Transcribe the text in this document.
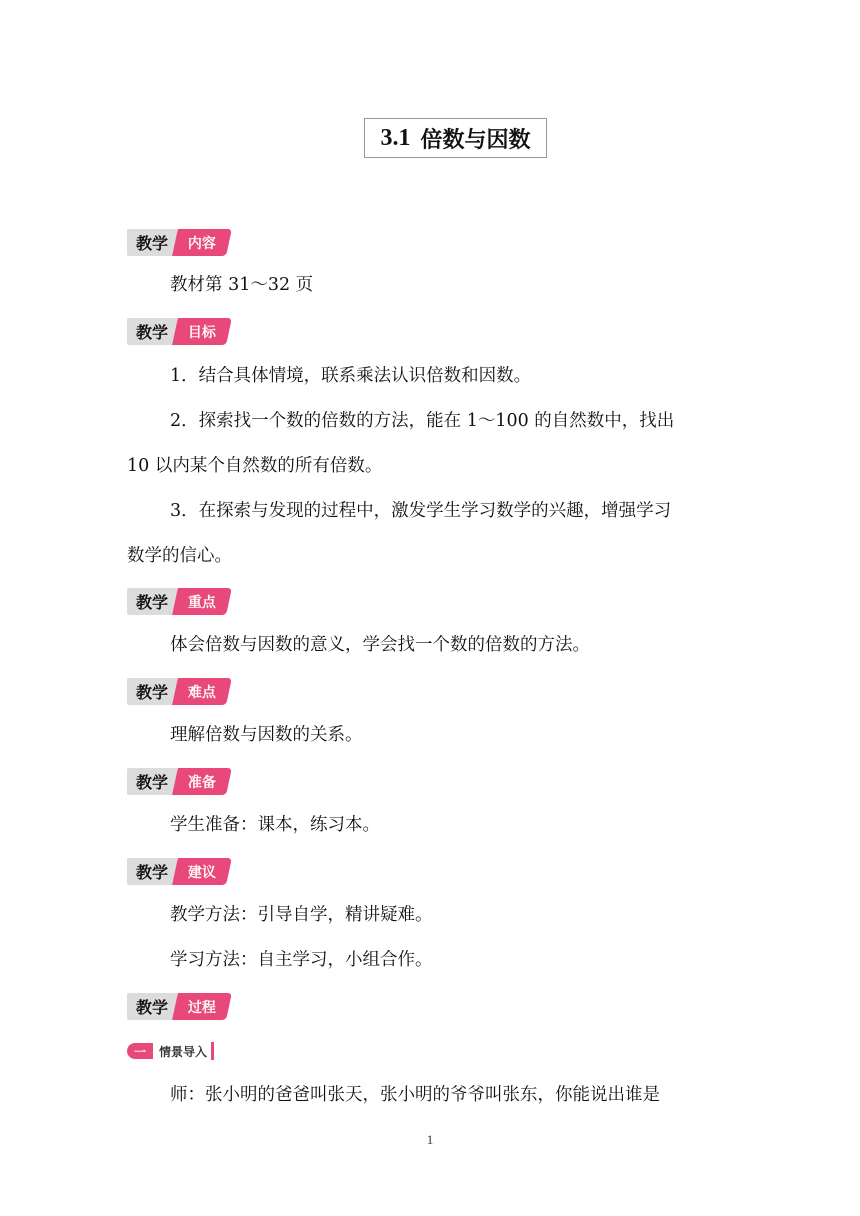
3.1 倍数与因数
教学	内容
教材第 31～32 页
教学	目标
1．结合具体情境，联系乘法认识倍数和因数。
2．探索找一个数的倍数的方法，能在 1～100 的自然数中，找出
10 以内某个自然数的所有倍数。
3．在探索与发现的过程中，激发学生学习数学的兴趣，增强学习
数学的信心。
教学	重点
体会倍数与因数的意义，学会找一个数的倍数的方法。
教学	难点
理解倍数与因数的关系。
教学	准备
学生准备：课本，练习本。
教学	建议
教学方法：引导自学，精讲疑难。
学习方法：自主学习，小组合作。
教学	过程
一	情景导入
师：张小明的爸爸叫张天，张小明的爷爷叫张东，你能说出谁是
1
